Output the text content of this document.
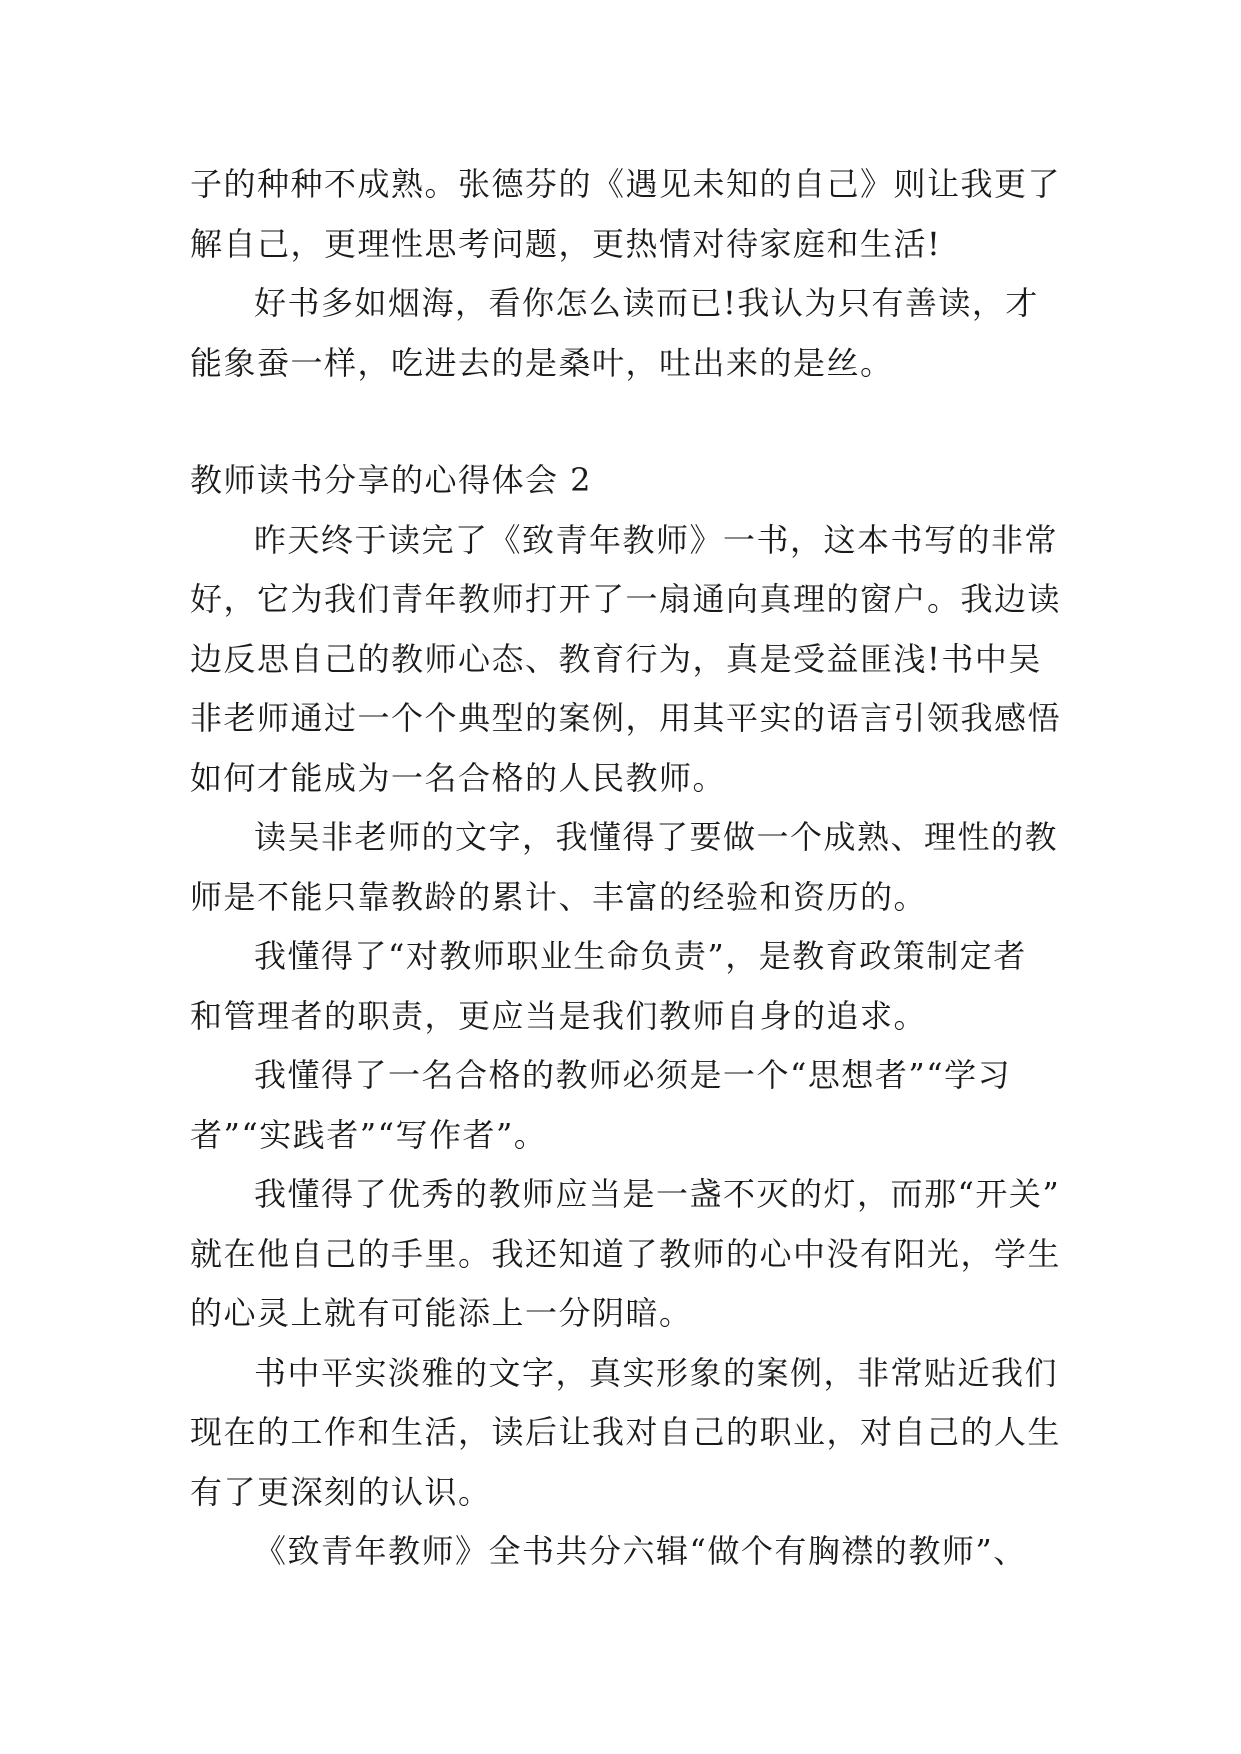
子的种种不成熟。张德芬的《遇见未知的自己》则让我更了
解自己，更理性思考问题，更热情对待家庭和生活!

好书多如烟海，看你怎么读而已!我认为只有善读，才
能象蚕一样，吃进去的是桑叶，吐出来的是丝。

教师读书分享的心得体会 2

昨天终于读完了《致青年教师》一书，这本书写的非常
好，它为我们青年教师打开了一扇通向真理的窗户。我边读
边反思自己的教师心态、教育行为，真是受益匪浅!书中吴
非老师通过一个个典型的案例，用其平实的语言引领我感悟
如何才能成为一名合格的人民教师。

读吴非老师的文字，我懂得了要做一个成熟、理性的教
师是不能只靠教龄的累计、丰富的经验和资历的。

我懂得了“对教师职业生命负责”，是教育政策制定者
和管理者的职责，更应当是我们教师自身的追求。

我懂得了一名合格的教师必须是一个“思想者”“学习
者”“实践者”“写作者”。

我懂得了优秀的教师应当是一盏不灭的灯，而那“开关”
就在他自己的手里。我还知道了教师的心中没有阳光，学生
的心灵上就有可能添上一分阴暗。

书中平实淡雅的文字，真实形象的案例，非常贴近我们
现在的工作和生活，读后让我对自己的职业，对自己的人生
有了更深刻的认识。

《致青年教师》全书共分六辑“做个有胸襟的教师”、
